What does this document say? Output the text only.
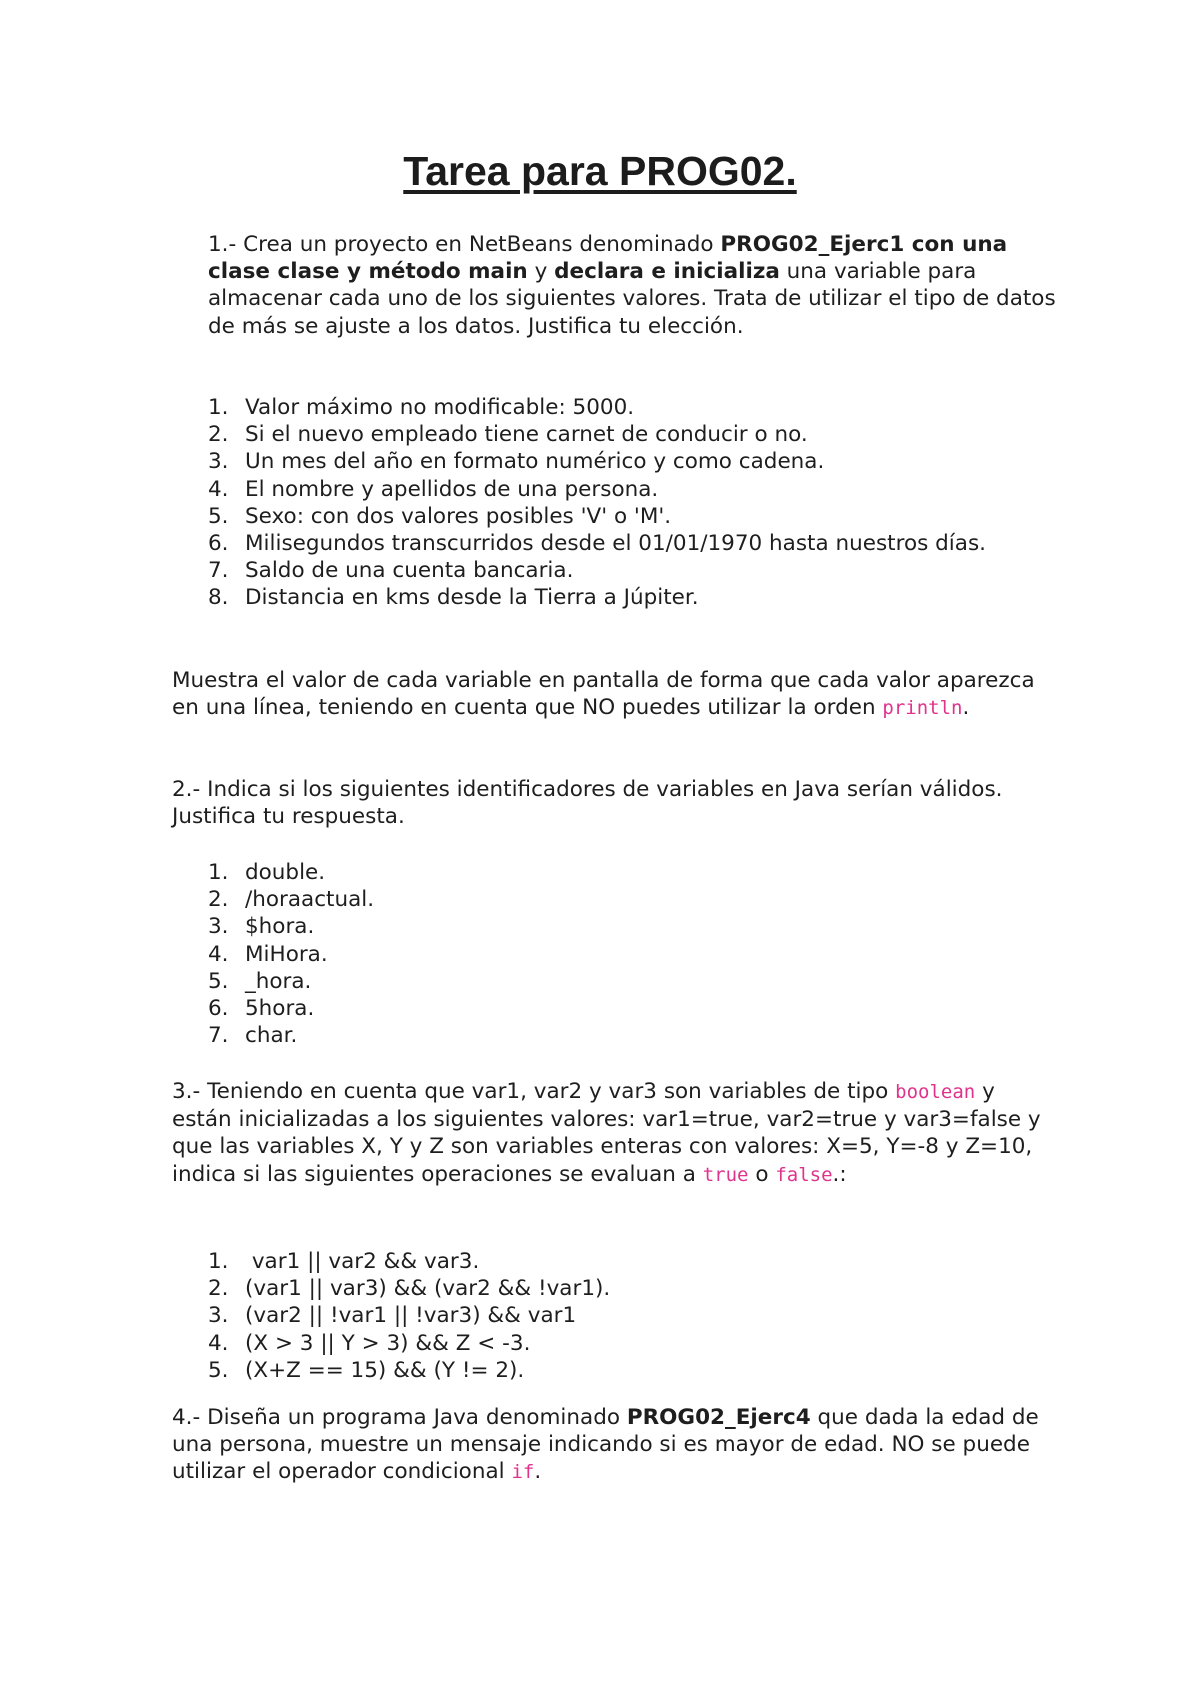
Tarea para PROG02.

1.- Crea un proyecto en NetBeans denominado PROG02_Ejerc1 con una clase clase y método main y declara e inicializa una variable para almacenar cada uno de los siguientes valores. Trata de utilizar el tipo de datos de más se ajuste a los datos. Justifica tu elección.

1. Valor máximo no modificable: 5000.
2. Si el nuevo empleado tiene carnet de conducir o no.
3. Un mes del año en formato numérico y como cadena.
4. El nombre y apellidos de una persona.
5. Sexo: con dos valores posibles 'V' o 'M'.
6. Milisegundos transcurridos desde el 01/01/1970 hasta nuestros días.
7. Saldo de una cuenta bancaria.
8. Distancia en kms desde la Tierra a Júpiter.

Muestra el valor de cada variable en pantalla de forma que cada valor aparezca en una línea, teniendo en cuenta que NO puedes utilizar la orden println.

2.- Indica si los siguientes identificadores de variables en Java serían válidos. Justifica tu respuesta.

1. double.
2. /horaactual.
3. $hora.
4. MiHora.
5. _hora.
6. 5hora.
7. char.

3.- Teniendo en cuenta que var1, var2 y var3 son variables de tipo boolean y están inicializadas a los siguientes valores: var1=true, var2=true y var3=false y que las variables X, Y y Z son variables enteras con valores: X=5, Y=-8 y Z=10, indica si las siguientes operaciones se evaluan a true o false.:

1. var1 || var2 && var3.
2. (var1 || var3) && (var2 && !var1).
3. (var2 || !var1 || !var3) && var1
4. (X > 3 || Y > 3) && Z < -3.
5. (X+Z == 15) && (Y != 2).

4.- Diseña un programa Java denominado PROG02_Ejerc4 que dada la edad de una persona, muestre un mensaje indicando si es mayor de edad. NO se puede utilizar el operador condicional if.
